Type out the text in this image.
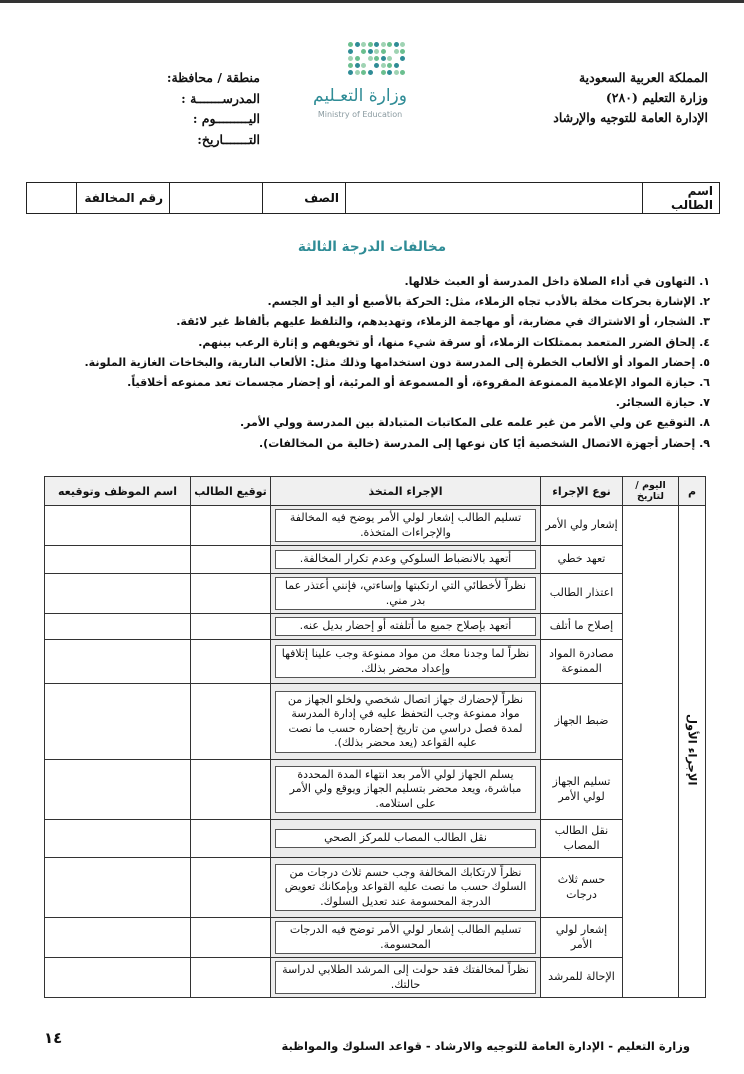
المملكة العربية السعودية
وزارة التعليم (٢٨٠)
الإدارة العامة للتوجيه والإرشاد
وزارة التعـليم
Ministry of Education
منطقة / محافظة:
المدرســـــــة :
اليـــــــــوم :
التـــــــاريخ:
اسم الطالب		الصف		رقم المخالفة	
مخالفات الدرجة الثالثة
١. التهاون في أداء الصلاة داخل المدرسة أو العبث خلالها.
٢. الإشارة بحركات مخلة بالأدب تجاه الزملاء، مثل: الحركة بالأصبع أو اليد أو الجسم.
٣. الشجار، أو الاشتراك في مضاربة، أو مهاجمة الزملاء، وتهديدهم، والتلفظ عليهم بألفاظ غير لائقة.
٤. إلحاق الضرر المتعمد بممتلكات الزملاء، أو سرقة شيء منها، أو تخويفهم و إثارة الرعب بينهم.
٥. إحضار المواد أو الألعاب الخطرة إلى المدرسة دون استخدامها وذلك مثل: الألعاب النارية، والبخاخات الغازية الملونة.
٦. حيازة المواد الإعلامية الممنوعة المقروءة، أو المسموعة أو المرئية، أو إحضار مجسمات تعد ممنوعه أخلاقياً.
٧. حيازة السجائر.
٨. التوقيع عن ولي الأمر من غير علمه على المكاتبات المتبادلة بين المدرسة وولي الأمر.
٩. إحضار أجهزة الاتصال الشخصية أيًا كان نوعها إلى المدرسة (خالية من المخالفات).
م	اليوم / لتاريخ	نوع الإجراء	الإجراء المتخذ	توقيع الطالب	اسم الموظف وتوقيعه
الإجراء الأول		إشعار ولي الأمر	تسليم الطالب إشعار لولي الأمر يوضح فيه المخالفة والإجراءات المتخذة.		

		تعهد خطي	أتعهد بالانضباط السلوكي وعدم تكرار المخالفة.		

		اعتذار الطالب	نظراً لأخطائي التي ارتكبتها وإساءتي، فإنني أعتذر عما بدر مني.		

		إصلاح ما أتلف	أتعهد بإصلاح جميع ما أتلفته أو إحضار بديل عنه.		

		مصادرة المواد الممنوعة	نظراً لما وجدنا معك من مواد ممنوعة وجب علينا إتلافها وإعداد محضر بذلك.		

		ضبط الجهاز	نظراً لإحضارك جهاز اتصال شخصي ولخلو الجهاز من مواد ممنوعة وجب التحفظ عليه في إدارة المدرسة لمدة فصل دراسي من تاريخ إحضاره حسب ما نصت عليه القواعد (يعد محضر بذلك).		

		تسليم الجهاز لولي الأمر	يسلم الجهاز لولي الأمر بعد انتهاء المدة المحددة مباشرة، ويعد محضر بتسليم الجهاز ويوقع ولي الأمر على استلامه.		

		نقل الطالب المصاب	نقل الطالب المصاب للمركز الصحي		

		حسم ثلاث درجات	نظراً لارتكابك المخالفة وجب حسم ثلاث درجات من السلوك حسب ما نصت عليه القواعد وبإمكانك تعويض الدرجة المحسومة عند تعديل السلوك.		

		إشعار لولي الأمر	تسليم الطالب إشعار لولي الأمر توضح فيه الدرجات المحسومة.		

		الإحالة للمرشد	نظراً لمخالفتك فقد حولت إلى المرشد الطلابي لدراسة حالتك.		

١٤	وزارة التعليم - الإدارة العامة للتوجيه والارشاد - قواعد السلوك والمواظبة
